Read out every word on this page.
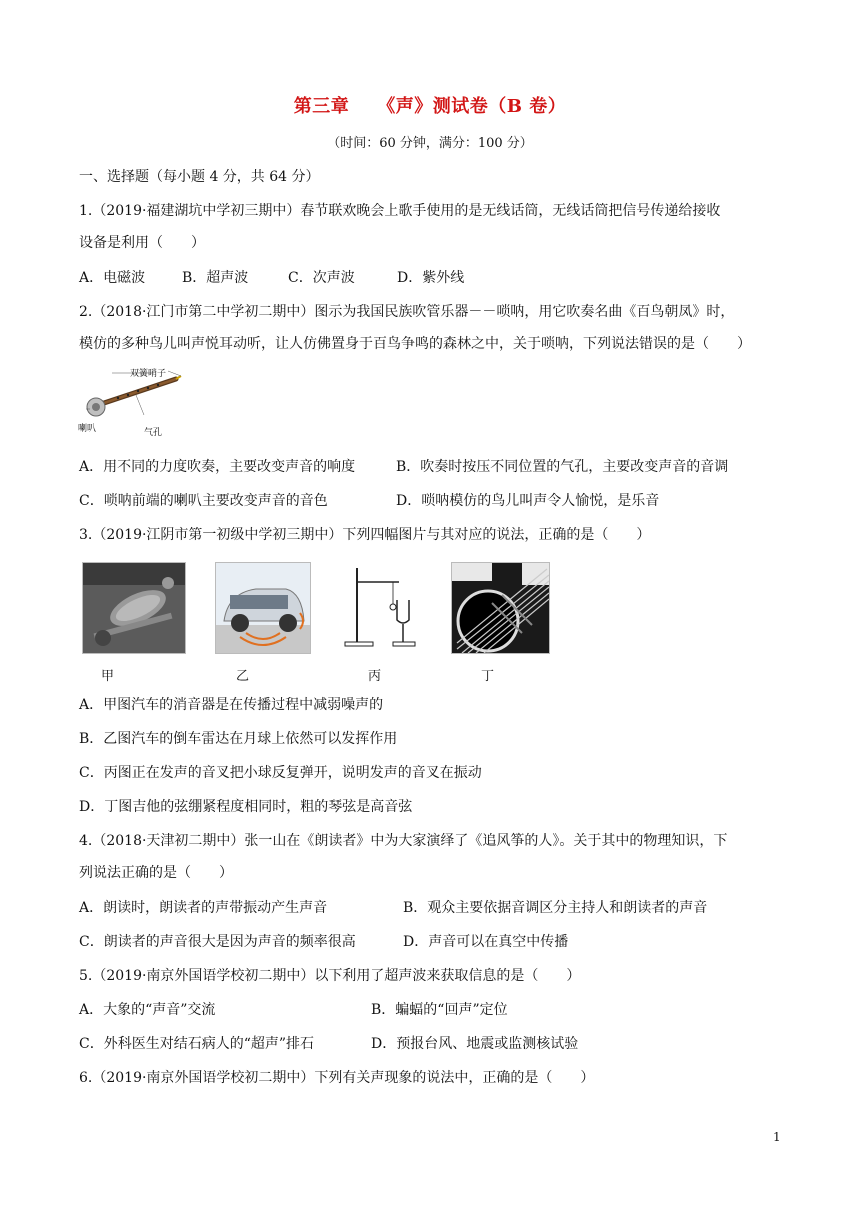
第三章 《声》测试卷（B 卷）
（时间：60 分钟，满分：100 分）
一、选择题（每小题 4 分，共 64 分）
1.（2019·福建湖坑中学初三期中）春节联欢晚会上歌手使用的是无线话筒，无线话筒把信号传递给接收
设备是利用（　　）
A．电磁波	B．超声波	C．次声波	D．紫外线
2.（2018·江门市第二中学初二期中）图示为我国民族吹管乐器－－唢呐，用它吹奏名曲《百鸟朝凤》时，
模仿的多种鸟儿叫声悦耳动听，让人仿佛置身于百鸟争鸣的森林之中，关于唢呐，下列说法错误的是（　　）
双簧哨子
喇叭	气孔
A．用不同的力度吹奏，主要改变声音的响度	B．吹奏时按压不同位置的气孔，主要改变声音的音调
C．唢呐前端的喇叭主要改变声音的音色	D．唢呐模仿的鸟儿叫声令人愉悦，是乐音
3.（2019·江阴市第一初级中学初三期中）下列四幅图片与其对应的说法，正确的是（　　）
甲	乙	丙	丁
A．甲图汽车的消音器是在传播过程中减弱噪声的
B．乙图汽车的倒车雷达在月球上依然可以发挥作用
C．丙图正在发声的音叉把小球反复弹开，说明发声的音叉在振动
D．丁图吉他的弦绷紧程度相同时，粗的琴弦是高音弦
4.（2018·天津初二期中）张一山在《朗读者》中为大家演绎了《追风筝的人》。关于其中的物理知识，下
列说法正确的是（　　）
A．朗读时，朗读者的声带振动产生声音	B．观众主要依据音调区分主持人和朗读者的声音
C．朗读者的声音很大是因为声音的频率很高	D．声音可以在真空中传播
5.（2019·南京外国语学校初二期中）以下利用了超声波来获取信息的是（　　）
A．大象的“声音”交流	B．蝙蝠的“回声”定位
C．外科医生对结石病人的“超声”排石	D．预报台风、地震或监测核试验
6.（2019·南京外国语学校初二期中）下列有关声现象的说法中，正确的是（　　）
1
